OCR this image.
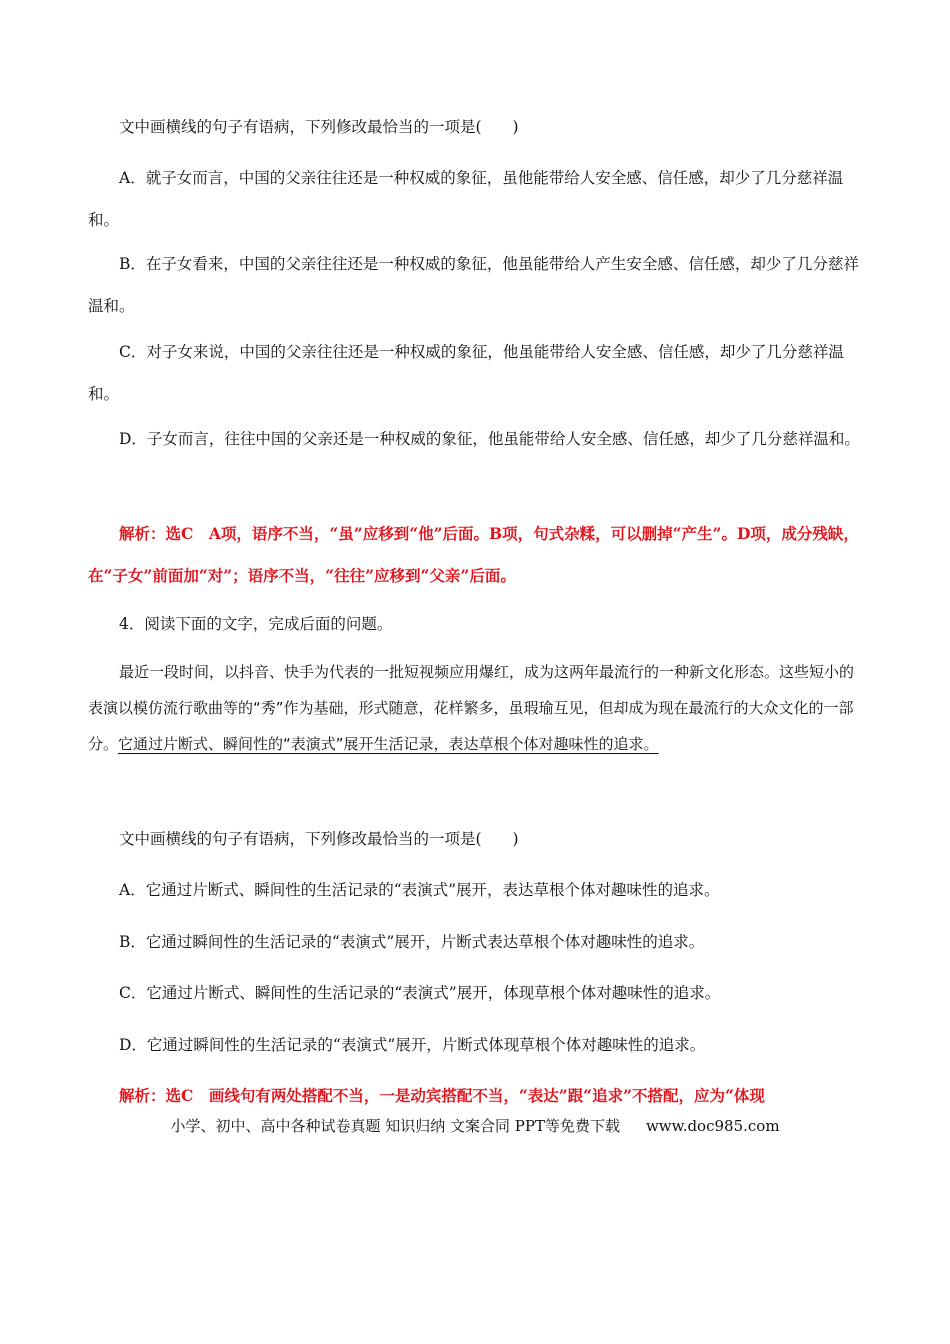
文中画横线的句子有语病，下列修改最恰当的一项是(　　)

A．就子女而言，中国的父亲往往还是一种权威的象征，虽他能带给人安全感、信任感，却少了几分慈祥温和。

B．在子女看来，中国的父亲往往还是一种权威的象征，他虽能带给人产生安全感、信任感，却少了几分慈祥温和。

C．对子女来说，中国的父亲往往还是一种权威的象征，他虽能带给人安全感、信任感，却少了几分慈祥温和。

D．子女而言，往往中国的父亲还是一种权威的象征，他虽能带给人安全感、信任感，却少了几分慈祥温和。

解析：选C　A项，语序不当，“虽”应移到“他”后面。B项，句式杂糅，可以删掉“产生”。D项，成分残缺，在“子女”前面加“对”；语序不当，“往往”应移到“父亲”后面。

4．阅读下面的文字，完成后面的问题。

最近一段时间，以抖音、快手为代表的一批短视频应用爆红，成为这两年最流行的一种新文化形态。这些短小的表演以模仿流行歌曲等的“秀”作为基础，形式随意，花样繁多，虽瑕瑜互见，但却成为现在最流行的大众文化的一部分。它通过片断式、瞬间性的“表演式”展开生活记录，表达草根个体对趣味性的追求。

文中画横线的句子有语病，下列修改最恰当的一项是(　　)

A．它通过片断式、瞬间性的生活记录的“表演式”展开，表达草根个体对趣味性的追求。

B．它通过瞬间性的生活记录的“表演式”展开，片断式表达草根个体对趣味性的追求。

C．它通过片断式、瞬间性的生活记录的“表演式”展开，体现草根个体对趣味性的追求。

D．它通过瞬间性的生活记录的“表演式”展开，片断式体现草根个体对趣味性的追求。

解析：选C　画线句有两处搭配不当，一是动宾搭配不当，“表达”跟“追求”不搭配，应为“体现

小学、初中、高中各种试卷真题 知识归纳 文案合同 PPT等免费下载 www.doc985.com
